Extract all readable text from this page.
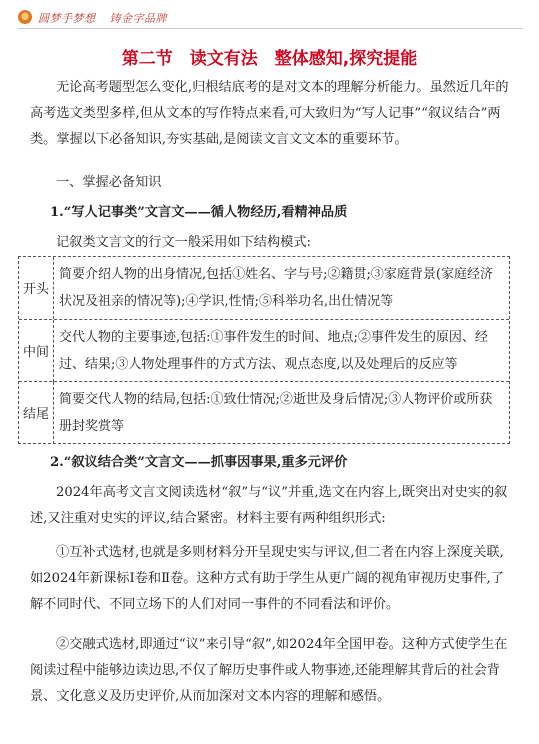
圆梦手梦想 铸金字品牌
第二节　读文有法　整体感知,探究提能
无论高考题型怎么变化,归根结底考的是对文本的理解分析能力。虽然近几年的高考选文类型多样,但从文本的写作特点来看,可大致归为“写人记事”“叙议结合”两类。掌握以下必备知识,夯实基础,是阅读文言文文本的重要环节。
一、掌握必备知识
1.“写人记事类”文言文——循人物经历,看精神品质
记叙类文言文的行文一般采用如下结构模式:
开头
简要介绍人物的出身情况,包括①姓名、字与号;②籍贯;③家庭背景(家庭经济状况及祖亲的情况等);④学识,性情;⑤科举功名,出仕情况等
中间
交代人物的主要事迹,包括:①事件发生的时间、地点;②事件发生的原因、经过、结果;③人物处理事件的方式方法、观点态度,以及处理后的反应等
结尾
简要交代人物的结局,包括:①致仕情况;②逝世及身后情况;③人物评价或所获册封奖赏等
2.“叙议结合类”文言文——抓事因事果,重多元评价
2024年高考文言文阅读选材“叙”与“议”并重,选文在内容上,既突出对史实的叙述,又注重对史实的评议,结合紧密。材料主要有两种组织形式:
①互补式选材,也就是多则材料分开呈现史实与评议,但二者在内容上深度关联,如2024年新课标Ⅰ卷和Ⅱ卷。这种方式有助于学生从更广阔的视角审视历史事件,了解不同时代、不同立场下的人们对同一事件的不同看法和评价。
②交融式选材,即通过“议”来引导“叙”,如2024年全国甲卷。这种方式使学生在阅读过程中能够边读边思,不仅了解历史事件或人物事迹,还能理解其背后的社会背景、文化意义及历史评价,从而加深对文本内容的理解和感悟。
